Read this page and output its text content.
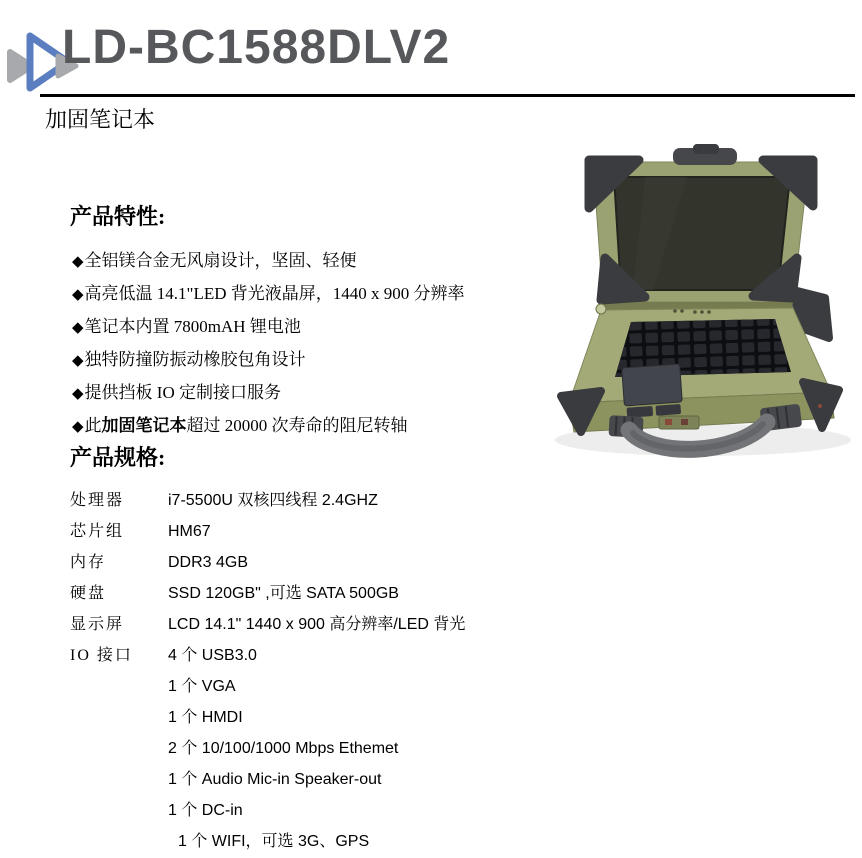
LD-BC1588DLV2
加固笔记本
产品特性:
◆全铝镁合金无风扇设计，坚固、轻便
◆高亮低温 14.1"LED 背光液晶屏，1440 x 900 分辨率
◆笔记本内置 7800mAH 锂电池
◆独特防撞防振动橡胶包角设计
◆提供挡板 IO 定制接口服务
◆此加固笔记本超过 20000 次寿命的阻尼转轴
产品规格:
处理器	i7-5500U 双核四线程 2.4GHZ
芯片组	HM67
内存	DDR3 4GB
硬盘	SSD 120GB" ,可选 SATA 500GB
显示屏	LCD 14.1" 1440 x 900 高分辨率/LED 背光
IO 接口	4 个 USB3.0
1 个 VGA
1 个 HMDI
2 个 10/100/1000 Mbps Ethemet
1 个 Audio Mic-in Speaker-out
1 个 DC-in
1 个 WIFI，可选 3G、GPS
